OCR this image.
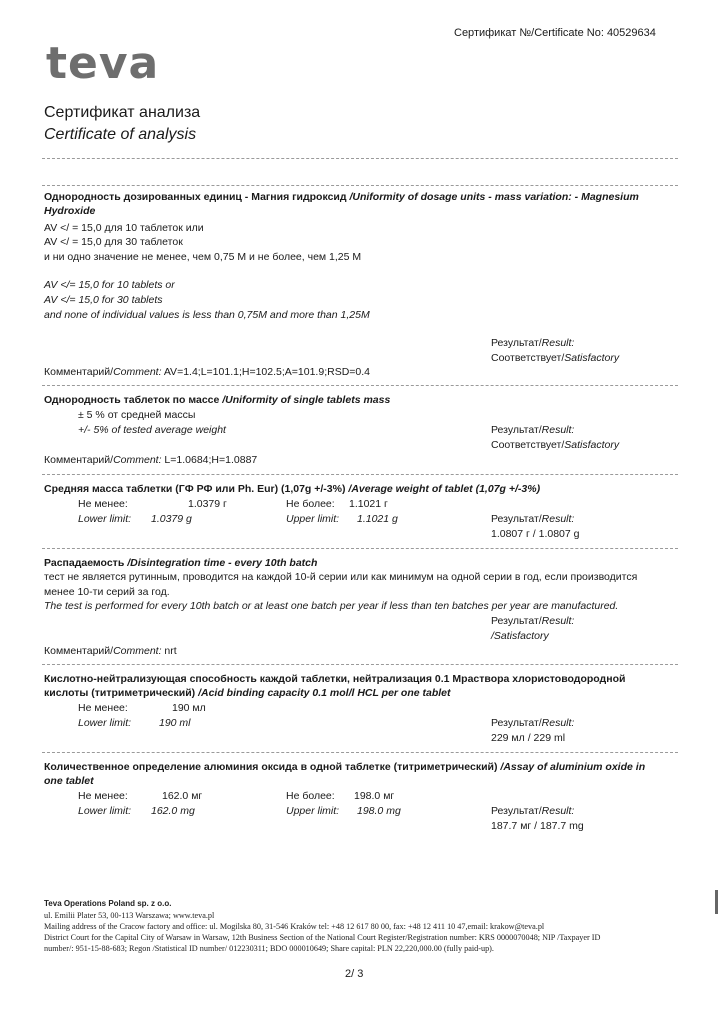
Сертификат №/Certificate No: 40529634
teva
Сертификат анализа
Certificate of analysis
Однородность дозированных единиц - Магния гидроксид /Uniformity of dosage units - mass variation: - Magnesium
Hydroxide
AV </ = 15,0 для 10 таблеток или
AV </ = 15,0 для 30 таблеток
и ни одно значение не менее, чем 0,75 M и не более, чем 1,25 M
AV </= 15,0 for 10 tablets or
AV </= 15,0 for 30 tablets
and none of individual values is less than 0,75M and more than 1,25M
Результат/Result:
Соответствует/Satisfactory
Комментарий/Comment: AV=1.4;L=101.1;H=102.5;A=101.9;RSD=0.4
Однородность таблеток по массе /Uniformity of single tablets mass
± 5 % от средней массы
+/- 5% of tested average weight	Результат/Result:
Соответствует/Satisfactory
Комментарий/Comment: L=1.0684;H=1.0887
Средняя масса таблетки (ГФ РФ или Ph. Eur) (1,07g +/-3%) /Average weight of tablet (1,07g +/-3%)
Не менее:	1.0379 г	Не более: 1.1021 г
Lower limit: 1.0379 g	Upper limit: 1.1021 g	Результат/Result:
1.0807 г / 1.0807 g
Распадаемость /Disintegration time - every 10th batch
тест не является рутинным, проводится на каждой 10-й серии или как минимум на одной серии в год, если производится
менее 10-ти серий за год.
The test is performed for every 10th batch or at least one batch per year if less than ten batches per year are manufactured.
Результат/Result:
/Satisfactory
Комментарий/Comment: nrt
Кислотно-нейтрализующая способность каждой таблетки, нейтрализация 0.1 Мраствора хлористоводородной
кислоты (титриметрический) /Acid binding capacity 0.1 mol/l HCL per one tablet
Не менее:	190 мл
Lower limit:	190 ml	Результат/Result:
229 мл / 229 ml
Количественное определение алюминия оксида в одной таблетке (титриметрический) /Assay of aluminium oxide in
one tablet
Не менее:	162.0 мг	Не более: 198.0 мг
Lower limit: 162.0 mg	Upper limit: 198.0 mg	Результат/Result:
187.7 мг / 187.7 mg
Teva Operations Poland sp. z o.o.
ul. Emilii Plater 53, 00-113 Warszawa; www.teva.pl
Mailing address of the Cracow factory and office: ul. Mogilska 80, 31-546 Kraków tel: +48 12 617 80 00, fax: +48 12 411 10 47,email: krakow@teva.pl
District Court for the Capital City of Warsaw in Warsaw, 12th Business Section of the National Court Register/Registration number: KRS 0000070048; NIP /Taxpayer ID
number/: 951-15-88-683; Regon /Statistical ID number/ 012230311; BDO 000010649; Share capital: PLN 22,220,000.00 (fully paid-up).
2/ 3
